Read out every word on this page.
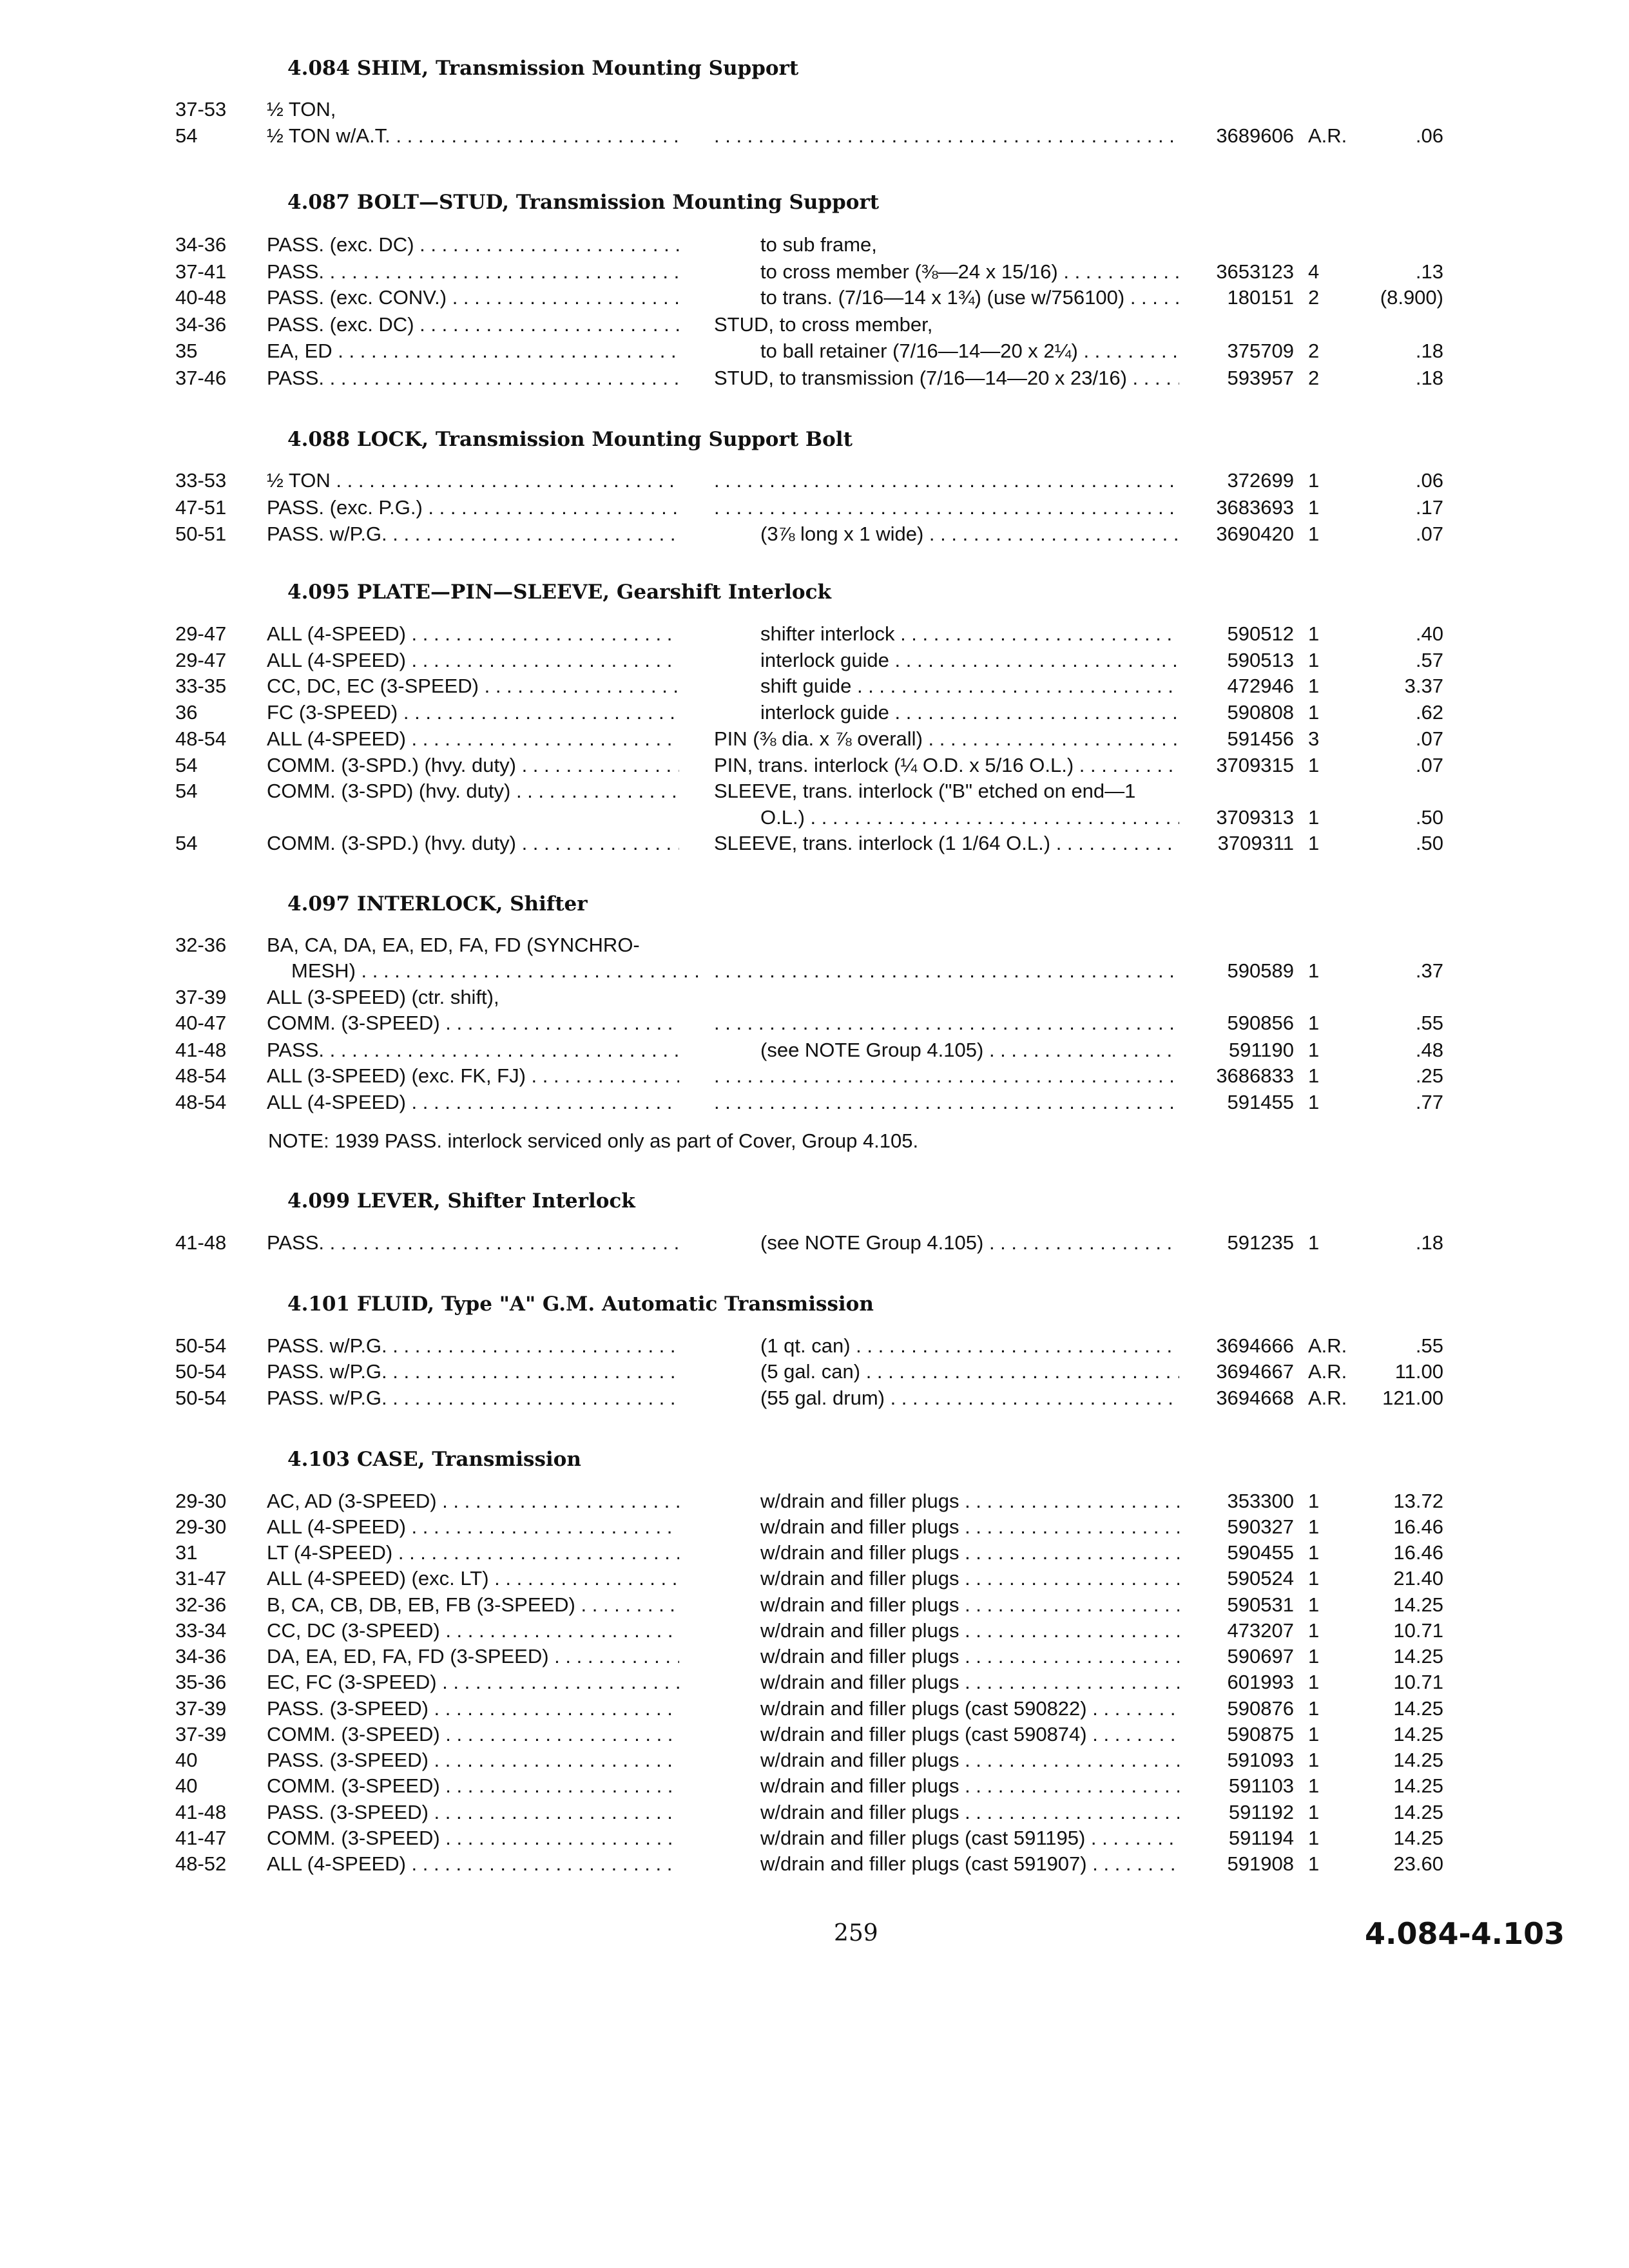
4.084 SHIM, Transmission Mounting Support
37-53 ½ TON,
54	½ TON w/A.T. . . . . . .	3689606 A.R.	.06
4.087 BOLT—STUD, Transmission Mounting Support
34-36 PASS. (exc. DC) . . .	to sub frame,
37-41 PASS. . . .	to cross member (⅜—24 x 15/16) . . .	3653123 4	.13
40-48 PASS. (exc. CONV.) . . .	to trans. (7/16—14 x 1¾) (use w/756100) . . .	180151 2	(8.900)
34-36 PASS. (exc. DC) . . .	STUD, to cross member,
35	EA, ED . . .	to ball retainer (7/16—14—20 x 2¼) . . .	375709 2	.18
37-46 PASS. . . .	STUD, to transmission (7/16—14—20 x 23/16) . . .	593957 2	.18
4.088 LOCK, Transmission Mounting Support Bolt
33-53 ½ TON . . . . . .	372699 1	.06
47-51 PASS. (exc. P.G.) . . . . . .	3683693 1	.17
50-51 PASS. w/P.G. . . .	(3⅞ long x 1 wide) . . .	3690420 1	.07
4.095 PLATE—PIN—SLEEVE, Gearshift Interlock
29-47 ALL (4-SPEED) . . .	shifter interlock . . .	590512 1	.40
29-47 ALL (4-SPEED) . . .	interlock guide . . .	590513 1	.57
33-35 CC, DC, EC (3-SPEED) . . .	shift guide . . .	472946 1	3.37
36	FC (3-SPEED) . . .	interlock guide . . .	590808 1	.62
48-54 ALL (4-SPEED) . . .	PIN (⅜ dia. x ⅞ overall) . . .	591456 3	.07
54	COMM. (3-SPD.) (hvy. duty) . . .	PIN, trans. interlock (¼ O.D. x 5/16 O.L.) . . .	3709315 1	.07
54	COMM. (3-SPD) (hvy. duty) . . .	SLEEVE, trans. interlock ("B" etched on end—1
O.L.) . . .	3709313 1	.50
54	COMM. (3-SPD.) (hvy. duty) . . .	SLEEVE, trans. interlock (1 1/64 O.L.) . . .	3709311 1	.50
4.097 INTERLOCK, Shifter
32-36 BA, CA, DA, EA, ED, FA, FD (SYNCHRO-
MESH) . . . . . .	590589 1	.37
37-39 ALL (3-SPEED) (ctr. shift),
40-47 COMM. (3-SPEED) . . . . . .	590856 1	.55
41-48 PASS. . . .	(see NOTE Group 4.105) . . .	591190 1	.48
48-54 ALL (3-SPEED) (exc. FK, FJ) . . . . . .	3686833 1	.25
48-54 ALL (4-SPEED) . . . . . .	591455 1	.77
NOTE: 1939 PASS. interlock serviced only as part of Cover, Group 4.105.
4.099 LEVER, Shifter Interlock
41-48 PASS. . . .	(see NOTE Group 4.105) . . .	591235 1	.18
4.101 FLUID, Type "A" G.M. Automatic Transmission
50-54 PASS. w/P.G. . . .	(1 qt. can) . . .	3694666 A.R.	.55
50-54 PASS. w/P.G. . . .	(5 gal. can) . . .	3694667 A.R. 11.00
50-54 PASS. w/P.G. . . .	(55 gal. drum) . . .	3694668 A.R. 121.00
4.103 CASE, Transmission
29-30 AC, AD (3-SPEED) . . .	w/drain and filler plugs . . .	353300 1	13.72
29-30 ALL (4-SPEED) . . .	w/drain and filler plugs . . .	590327 1	16.46
31	LT (4-SPEED) . . .	w/drain and filler plugs . . .	590455 1	16.46
31-47 ALL (4-SPEED) (exc. LT) . . .	w/drain and filler plugs . . .	590524 1	21.40
32-36 B, CA, CB, DB, EB, FB (3-SPEED) . . .	w/drain and filler plugs . . .	590531 1	14.25
33-34 CC, DC (3-SPEED) . . .	w/drain and filler plugs . . .	473207 1	10.71
34-36 DA, EA, ED, FA, FD (3-SPEED) . . .	w/drain and filler plugs . . .	590697 1	14.25
35-36 EC, FC (3-SPEED) . . .	w/drain and filler plugs . . .	601993 1	10.71
37-39 PASS. (3-SPEED) . . .	w/drain and filler plugs (cast 590822) . . .	590876 1	14.25
37-39 COMM. (3-SPEED) . . .	w/drain and filler plugs (cast 590874) . . .	590875 1	14.25
40	PASS. (3-SPEED) . . .	w/drain and filler plugs . . .	591093 1	14.25
40	COMM. (3-SPEED) . . .	w/drain and filler plugs . . .	591103 1	14.25
41-48 PASS. (3-SPEED) . . .	w/drain and filler plugs . . .	591192 1	14.25
41-47 COMM. (3-SPEED) . . .	w/drain and filler plugs (cast 591195) . . .	591194 1	14.25
48-52 ALL (4-SPEED) . . .	w/drain and filler plugs (cast 591907) . . .	591908 1	23.60
259	4.084-4.103
